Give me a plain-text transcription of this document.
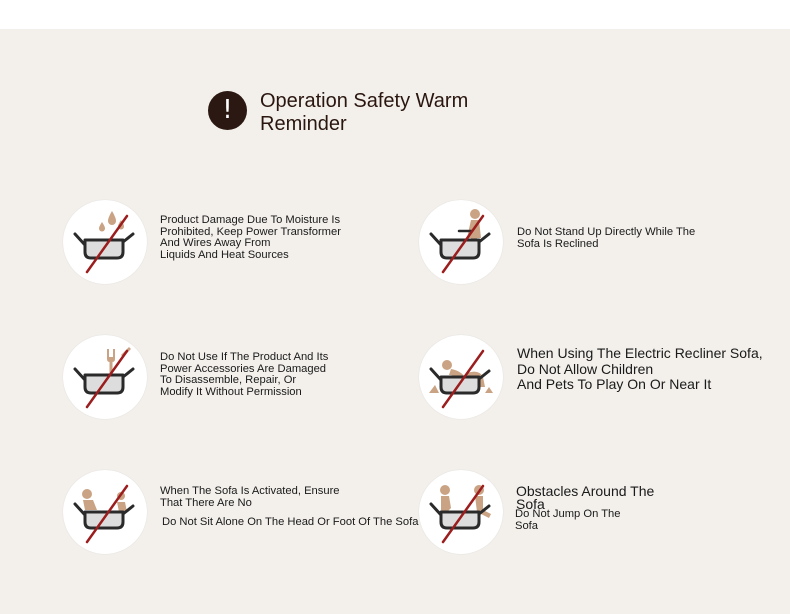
!	Operation Safety Warm
Reminder
Product Damage Due To Moisture Is
Prohibited, Keep Power Transformer
And Wires Away From
Liquids And Heat Sources
Do Not Stand Up Directly While The
Sofa Is Reclined
Do Not Use If The Product And Its
Power Accessories Are Damaged
To Disassemble, Repair, Or
Modify It Without Permission
When Using The Electric Recliner Sofa,
Do Not Allow Children
And Pets To Play On Or Near It
When The Sofa Is Activated, Ensure
That There Are No
Do Not Sit Alone On The Head Or Foot Of The Sofa
Obstacles Around The
Sofa
Do Not Jump On The
Sofa
